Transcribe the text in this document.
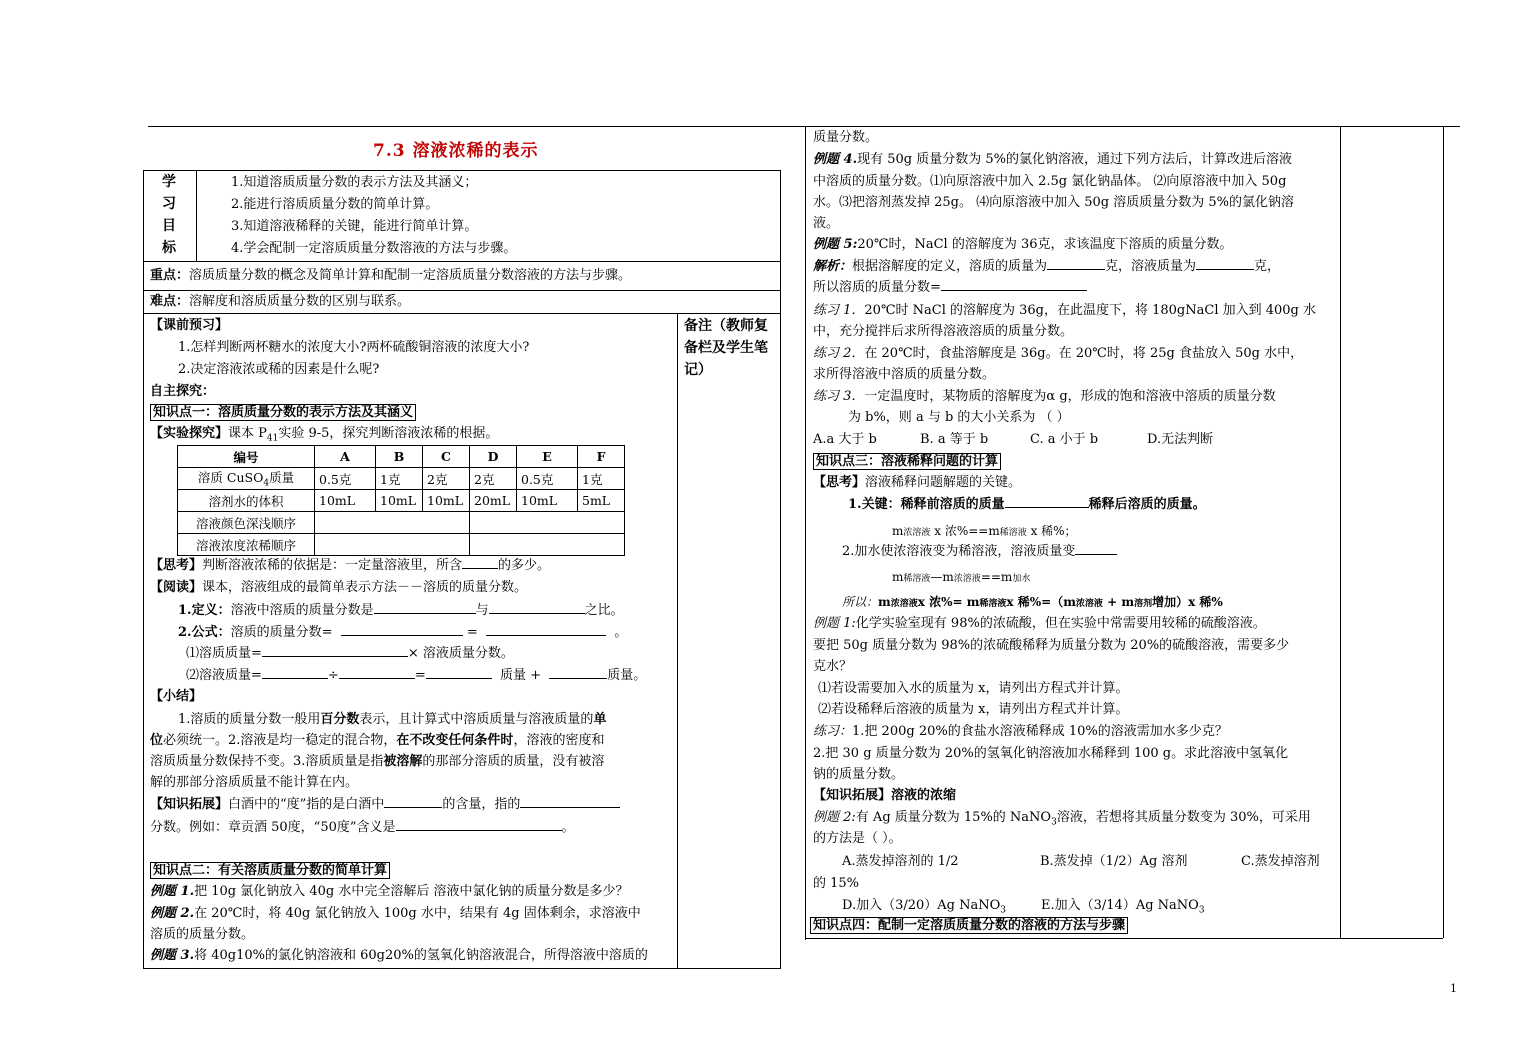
7.3 溶液浓稀的表示
学
习
目
标
1.知道溶质质量分数的表示方法及其涵义；
2.能进行溶质质量分数的简单计算。
3.知道溶液稀释的关键，能进行简单计算。
4.学会配制一定溶质质量分数溶液的方法与步骤。
重点：溶质质量分数的概念及简单计算和配制一定溶质质量分数溶液的方法与步骤。
难点：溶解度和溶质质量分数的区别与联系。
备注（教师复
备栏及学生笔
记）
【课前预习】
1.怎样判断两杯糖水的浓度大小?两杯硫酸铜溶液的浓度大小?
2.决定溶液浓或稀的因素是什么呢?
自主探究：
知识点一：溶质质量分数的表示方法及其涵义
【实验探究】课本 $P_{41}$实验 9-5，探究判断溶液浓稀的根据。
编号	A	B	C	D	E	F
溶质 CuSO$_4$质量	0.5克	1克	2克	2克	0.5克	1克
溶剂水的体积	10mL	10mL	10mL	20mL	10mL	5mL
溶液颜色深浅顺序						
溶液浓度浓稀顺序						
【思考】判断溶液浓稀的依据是：一定量溶液里，所含	的多少。
【阅读】课本，溶液组成的最简单表示方法－－溶质的质量分数。
1.定义：溶液中溶质的质量分数是	与	之比。
2.公式：溶质的质量分数=	=	。
⑴溶质质量=	× 溶液质量分数。
⑵溶液质量=	÷	=	质量 +	质量。
【小结】
1.溶质的质量分数一般用百分数表示，且计算式中溶质质量与溶液质量的单
位必须统一。2.溶液是均一稳定的混合物，在不改变任何条件时，溶液的密度和
溶质质量分数保持不变。3.溶质质量是指被溶解的那部分溶质的质量，没有被溶
解的那部分溶质质量不能计算在内。
【知识拓展】白酒中的“度”指的是白酒中	的含量，指的
分数。例如：章贡酒 50度，“50度”含义是	。
知识点二：有关溶质质量分数的简单计算
例题 1.把 10g 氯化钠放入 40g 水中完全溶解后 溶液中氯化钠的质量分数是多少？
例题 2.在 20℃时，将 40g 氯化钠放入 100g 水中，结果有 4g 固体剩余，求溶液中
溶质的质量分数。
例题 3.将 40g10%的氯化钠溶液和 60g20%的氢氧化钠溶液混合，所得溶液中溶质的
质量分数。
例题 4.现有 50g 质量分数为 5%的氯化钠溶液，通过下列方法后，计算改进后溶液
中溶质的质量分数。⑴向原溶液中加入 2.5g 氯化钠晶体。 ⑵向原溶液中加入 50g
水。⑶把溶剂蒸发掉 25g。 ⑷向原溶液中加入 50g 溶质质量分数为 5%的氯化钠溶
液。
例题 5:20℃时，NaCl 的溶解度为 36克，求该温度下溶质的质量分数。
解析：根据溶解度的定义，溶质的质量为	克，溶液质量为	克，
所以溶质的质量分数=
练习 1．20℃时 NaCl 的溶解度为 36g，在此温度下，将 180gNaCl 加入到 400g 水
中，充分搅拌后求所得溶液溶质的质量分数。
练习 2．在 20℃时，食盐溶解度是 36g。在 20℃时，将 25g 食盐放入 50g 水中，
求所得溶液中溶质的质量分数。
练习 3．一定温度时，某物质的溶解度为α g，形成的饱和溶液中溶质的质量分数
为 b%，则 a 与 b 的大小关系为 （ ）
A.a 大于 b	B. a 等于 b	C. a 小于 b	D.无法判断
知识点三：溶液稀释问题的计算
【思考】溶液稀释问题解题的关键。
1.关键：稀释前溶质的质量	稀释后溶质的质量。
m浓溶液 x 浓%==m稀溶液 x 稀%；
2.加水使浓溶液变为稀溶液，溶液质量变
m稀溶液—m浓溶液==m加水
所以：m浓溶液x 浓%= m稀溶液x 稀%=（m浓溶液 + m溶剂增加）x 稀%
例题 1:化学实验室现有 98%的浓硫酸，但在实验中常需要用较稀的硫酸溶液。
要把 50g 质量分数为 98%的浓硫酸稀释为质量分数为 20%的硫酸溶液，需要多少
克水？
⑴若设需要加入水的质量为 x，请列出方程式并计算。
⑵若设稀释后溶液的质量为 x，请列出方程式并计算。
练习：1.把 200g 20%的食盐水溶液稀释成 10%的溶液需加水多少克？
2.把 30 g 质量分数为 20%的氢氧化钠溶液加水稀释到 100 g。求此溶液中氢氧化
钠的质量分数。
【知识拓展】溶液的浓缩
例题 2:有 Ag 质量分数为 15%的 NaNO$_3$溶液，若想将其质量分数变为 30%，可采用
的方法是（ ）。
A.蒸发掉溶剂的 1/2	B.蒸发掉（1/2）Ag 溶剂	C.蒸发掉溶剂
的 15%
D.加入（3/20）Ag NaNO$_3$	E.加入（3/14）Ag NaNO$_3$
知识点四：配制一定溶质质量分数的溶液的方法与步骤
1
